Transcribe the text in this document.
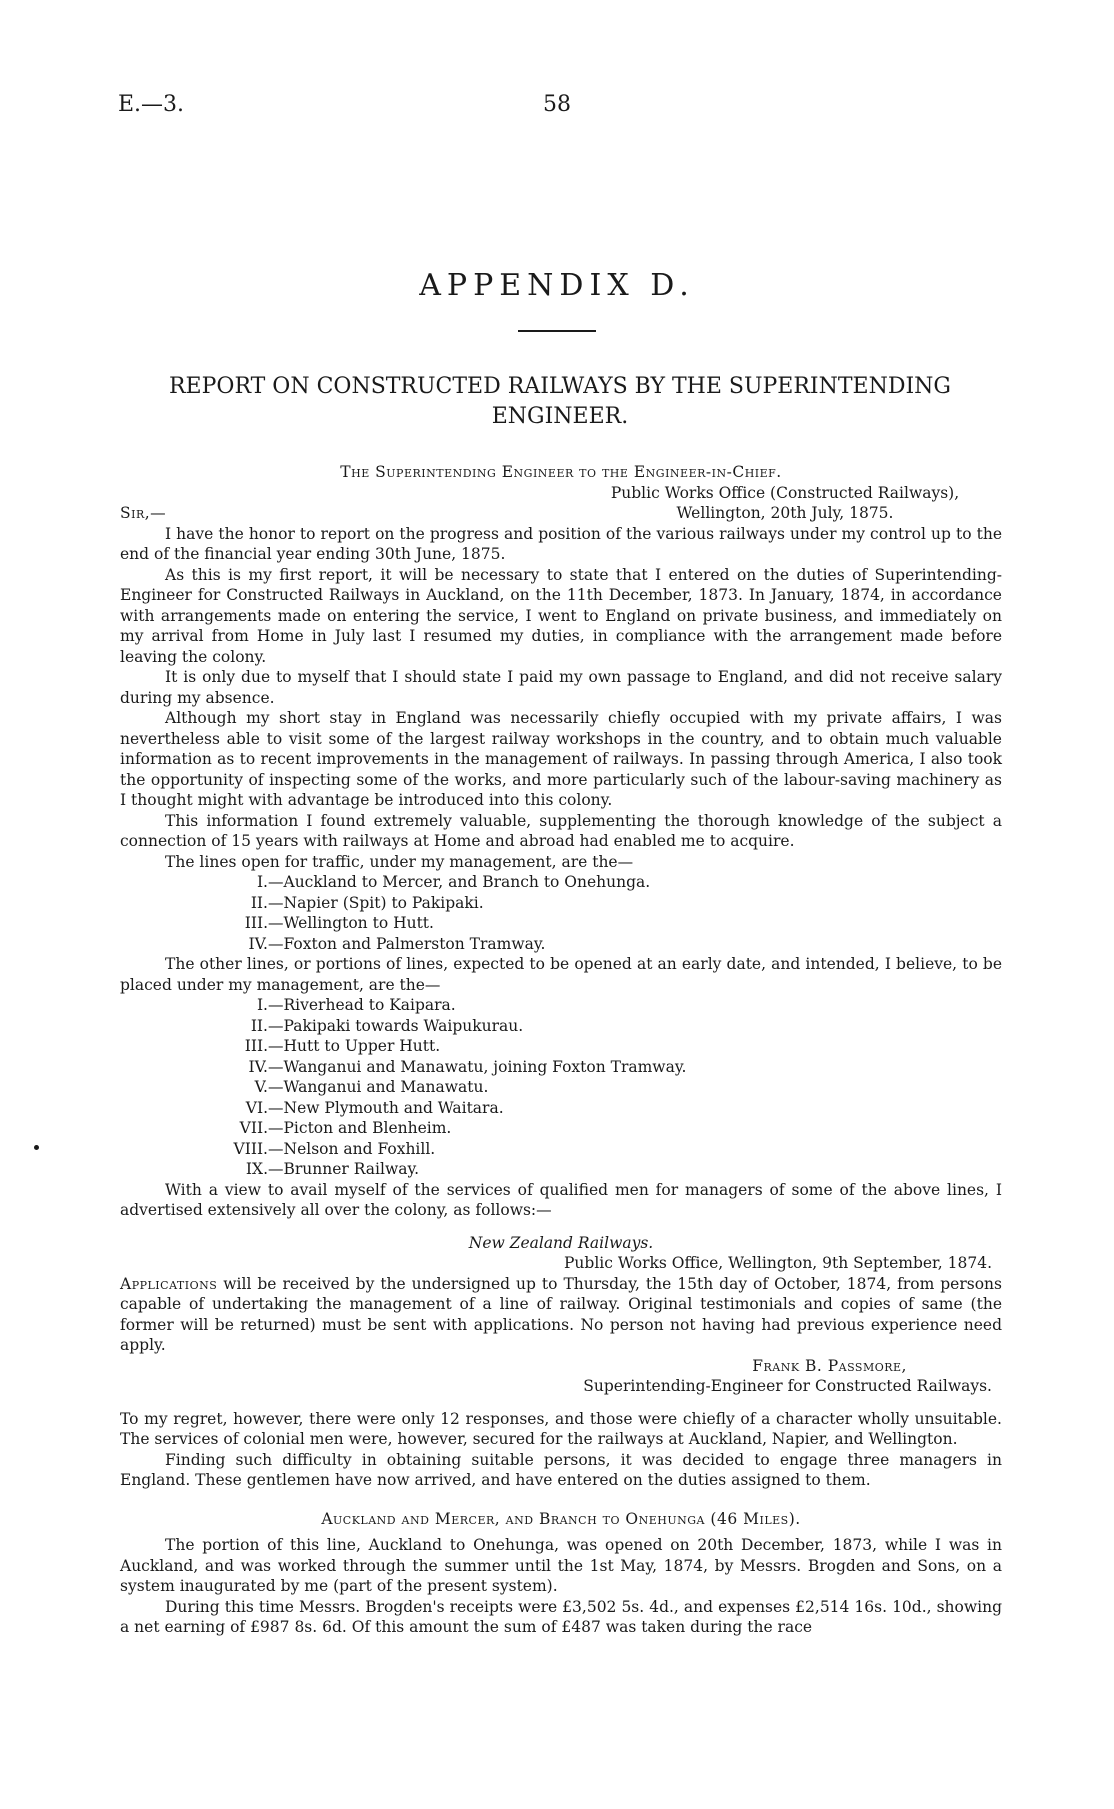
E.—3.	58
APPENDIX D.
REPORT ON CONSTRUCTED RAILWAYS BY THE SUPERINTENDING ENGINEER.

The Superintending Engineer to the Engineer-in-Chief.

Sir,—
Public Works Office (Constructed Railways),
Wellington, 20th July, 1875.

I have the honor to report on the progress and position of the various railways under my control up to the end of the financial year ending 30th June, 1875.

As this is my first report, it will be necessary to state that I entered on the duties of Superintending-Engineer for Constructed Railways in Auckland, on the 11th December, 1873. In January, 1874, in accordance with arrangements made on entering the service, I went to England on private business, and immediately on my arrival from Home in July last I resumed my duties, in compliance with the arrangement made before leaving the colony.

It is only due to myself that I should state I paid my own passage to England, and did not receive salary during my absence.

Although my short stay in England was necessarily chiefly occupied with my private affairs, I was nevertheless able to visit some of the largest railway workshops in the country, and to obtain much valuable information as to recent improvements in the management of railways. In passing through America, I also took the opportunity of inspecting some of the works, and more particularly such of the labour-saving machinery as I thought might with advantage be introduced into this colony.

This information I found extremely valuable, supplementing the thorough knowledge of the subject a connection of 15 years with railways at Home and abroad had enabled me to acquire.

The lines open for traffic, under my management, are the—

I. —Auckland to Mercer, and Branch to Onehunga.
II. —Napier (Spit) to Pakipaki.
III. —Wellington to Hutt.
IV. —Foxton and Palmerston Tramway.

The other lines, or portions of lines, expected to be opened at an early date, and intended, I believe, to be placed under my management, are the—

I. —Riverhead to Kaipara.
II. —Pakipaki towards Waipukurau.
III. —Hutt to Upper Hutt.
IV. —Wanganui and Manawatu, joining Foxton Tramway.
V. —Wanganui and Manawatu.
VI. —New Plymouth and Waitara.
VII. —Picton and Blenheim.
VIII. —Nelson and Foxhill.
IX. —Brunner Railway.

With a view to avail myself of the services of qualified men for managers of some of the above lines, I advertised extensively all over the colony, as follows:—

New Zealand Railways.

Public Works Office, Wellington, 9th September, 1874.

Applications will be received by the undersigned up to Thursday, the 15th day of October, 1874, from persons capable of undertaking the management of a line of railway. Original testimonials and copies of same (the former will be returned) must be sent with applications. No person not having had previous experience need apply.

Frank B. Passmore,
Superintending-Engineer for Constructed Railways.

To my regret, however, there were only 12 responses, and those were chiefly of a character wholly unsuitable. The services of colonial men were, however, secured for the railways at Auckland, Napier, and Wellington.

Finding such difficulty in obtaining suitable persons, it was decided to engage three managers in England. These gentlemen have now arrived, and have entered on the duties assigned to them.

Auckland and Mercer, and Branch to Onehunga (46 Miles).

The portion of this line, Auckland to Onehunga, was opened on 20th December, 1873, while I was in Auckland, and was worked through the summer until the 1st May, 1874, by Messrs. Brogden and Sons, on a system inaugurated by me (part of the present system).

During this time Messrs. Brogden's receipts were £3,502 5s. 4d., and expenses £2,514 16s. 10d., showing a net earning of £987 8s. 6d. Of this amount the sum of £487 was taken during the race
